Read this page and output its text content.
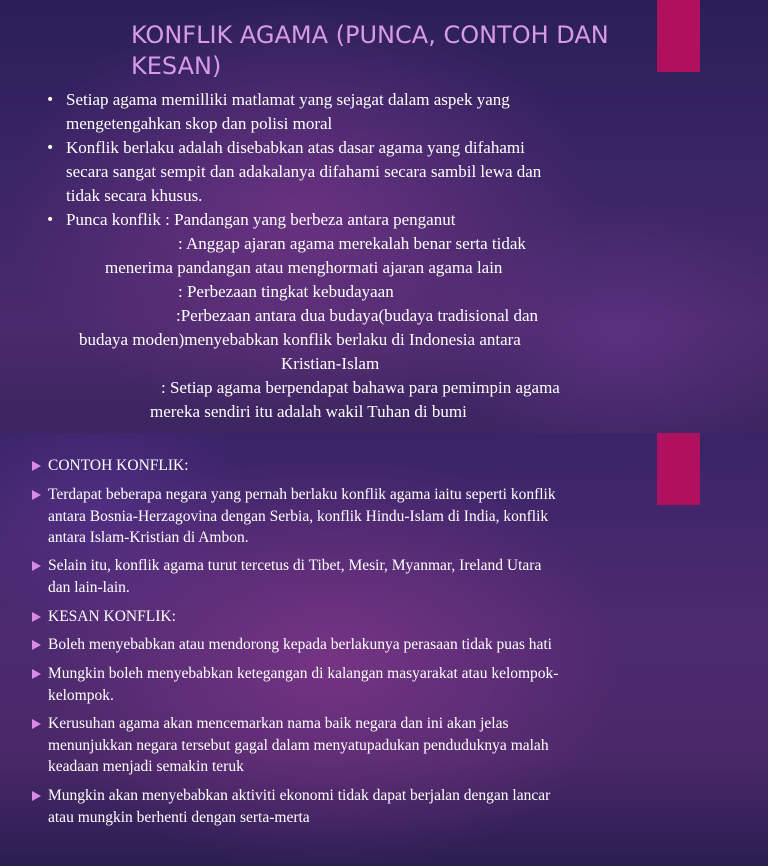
KONFLIK AGAMA (PUNCA, CONTOH DAN KESAN)
• Setiap agama memilliki matlamat yang sejagat dalam aspek yang
mengetengahkan skop dan polisi moral
• Konflik berlaku adalah disebabkan atas dasar agama yang difahami
secara sangat sempit dan adakalanya difahami secara sambil lewa dan
tidak secara khusus.
• Punca konflik : Pandangan yang berbeza antara penganut
: Anggap ajaran agama merekalah benar serta tidak
menerima pandangan atau menghormati ajaran agama lain
: Perbezaan tingkat kebudayaan
:Perbezaan antara dua budaya(budaya tradisional dan
budaya moden)menyebabkan konflik berlaku di Indonesia antara
Kristian-Islam
: Setiap agama berpendapat bahawa para pemimpin agama
mereka sendiri itu adalah wakil Tuhan di bumi
CONTOH KONFLIK:
Terdapat beberapa negara yang pernah berlaku konflik agama iaitu seperti konflik
antara Bosnia-Herzagovina dengan Serbia, konflik Hindu-Islam di India, konflik
antara Islam-Kristian di Ambon.
Selain itu, konflik agama turut tercetus di Tibet, Mesir, Myanmar, Ireland Utara
dan lain-lain.
KESAN KONFLIK:
Boleh menyebabkan atau mendorong kepada berlakunya perasaan tidak puas hati
Mungkin boleh menyebabkan ketegangan di kalangan masyarakat atau kelompok-
kelompok.
Kerusuhan agama akan mencemarkan nama baik negara dan ini akan jelas
menunjukkan negara tersebut gagal dalam menyatupadukan penduduknya malah
keadaan menjadi semakin teruk
Mungkin akan menyebabkan aktiviti ekonomi tidak dapat berjalan dengan lancar
atau mungkin berhenti dengan serta-merta
